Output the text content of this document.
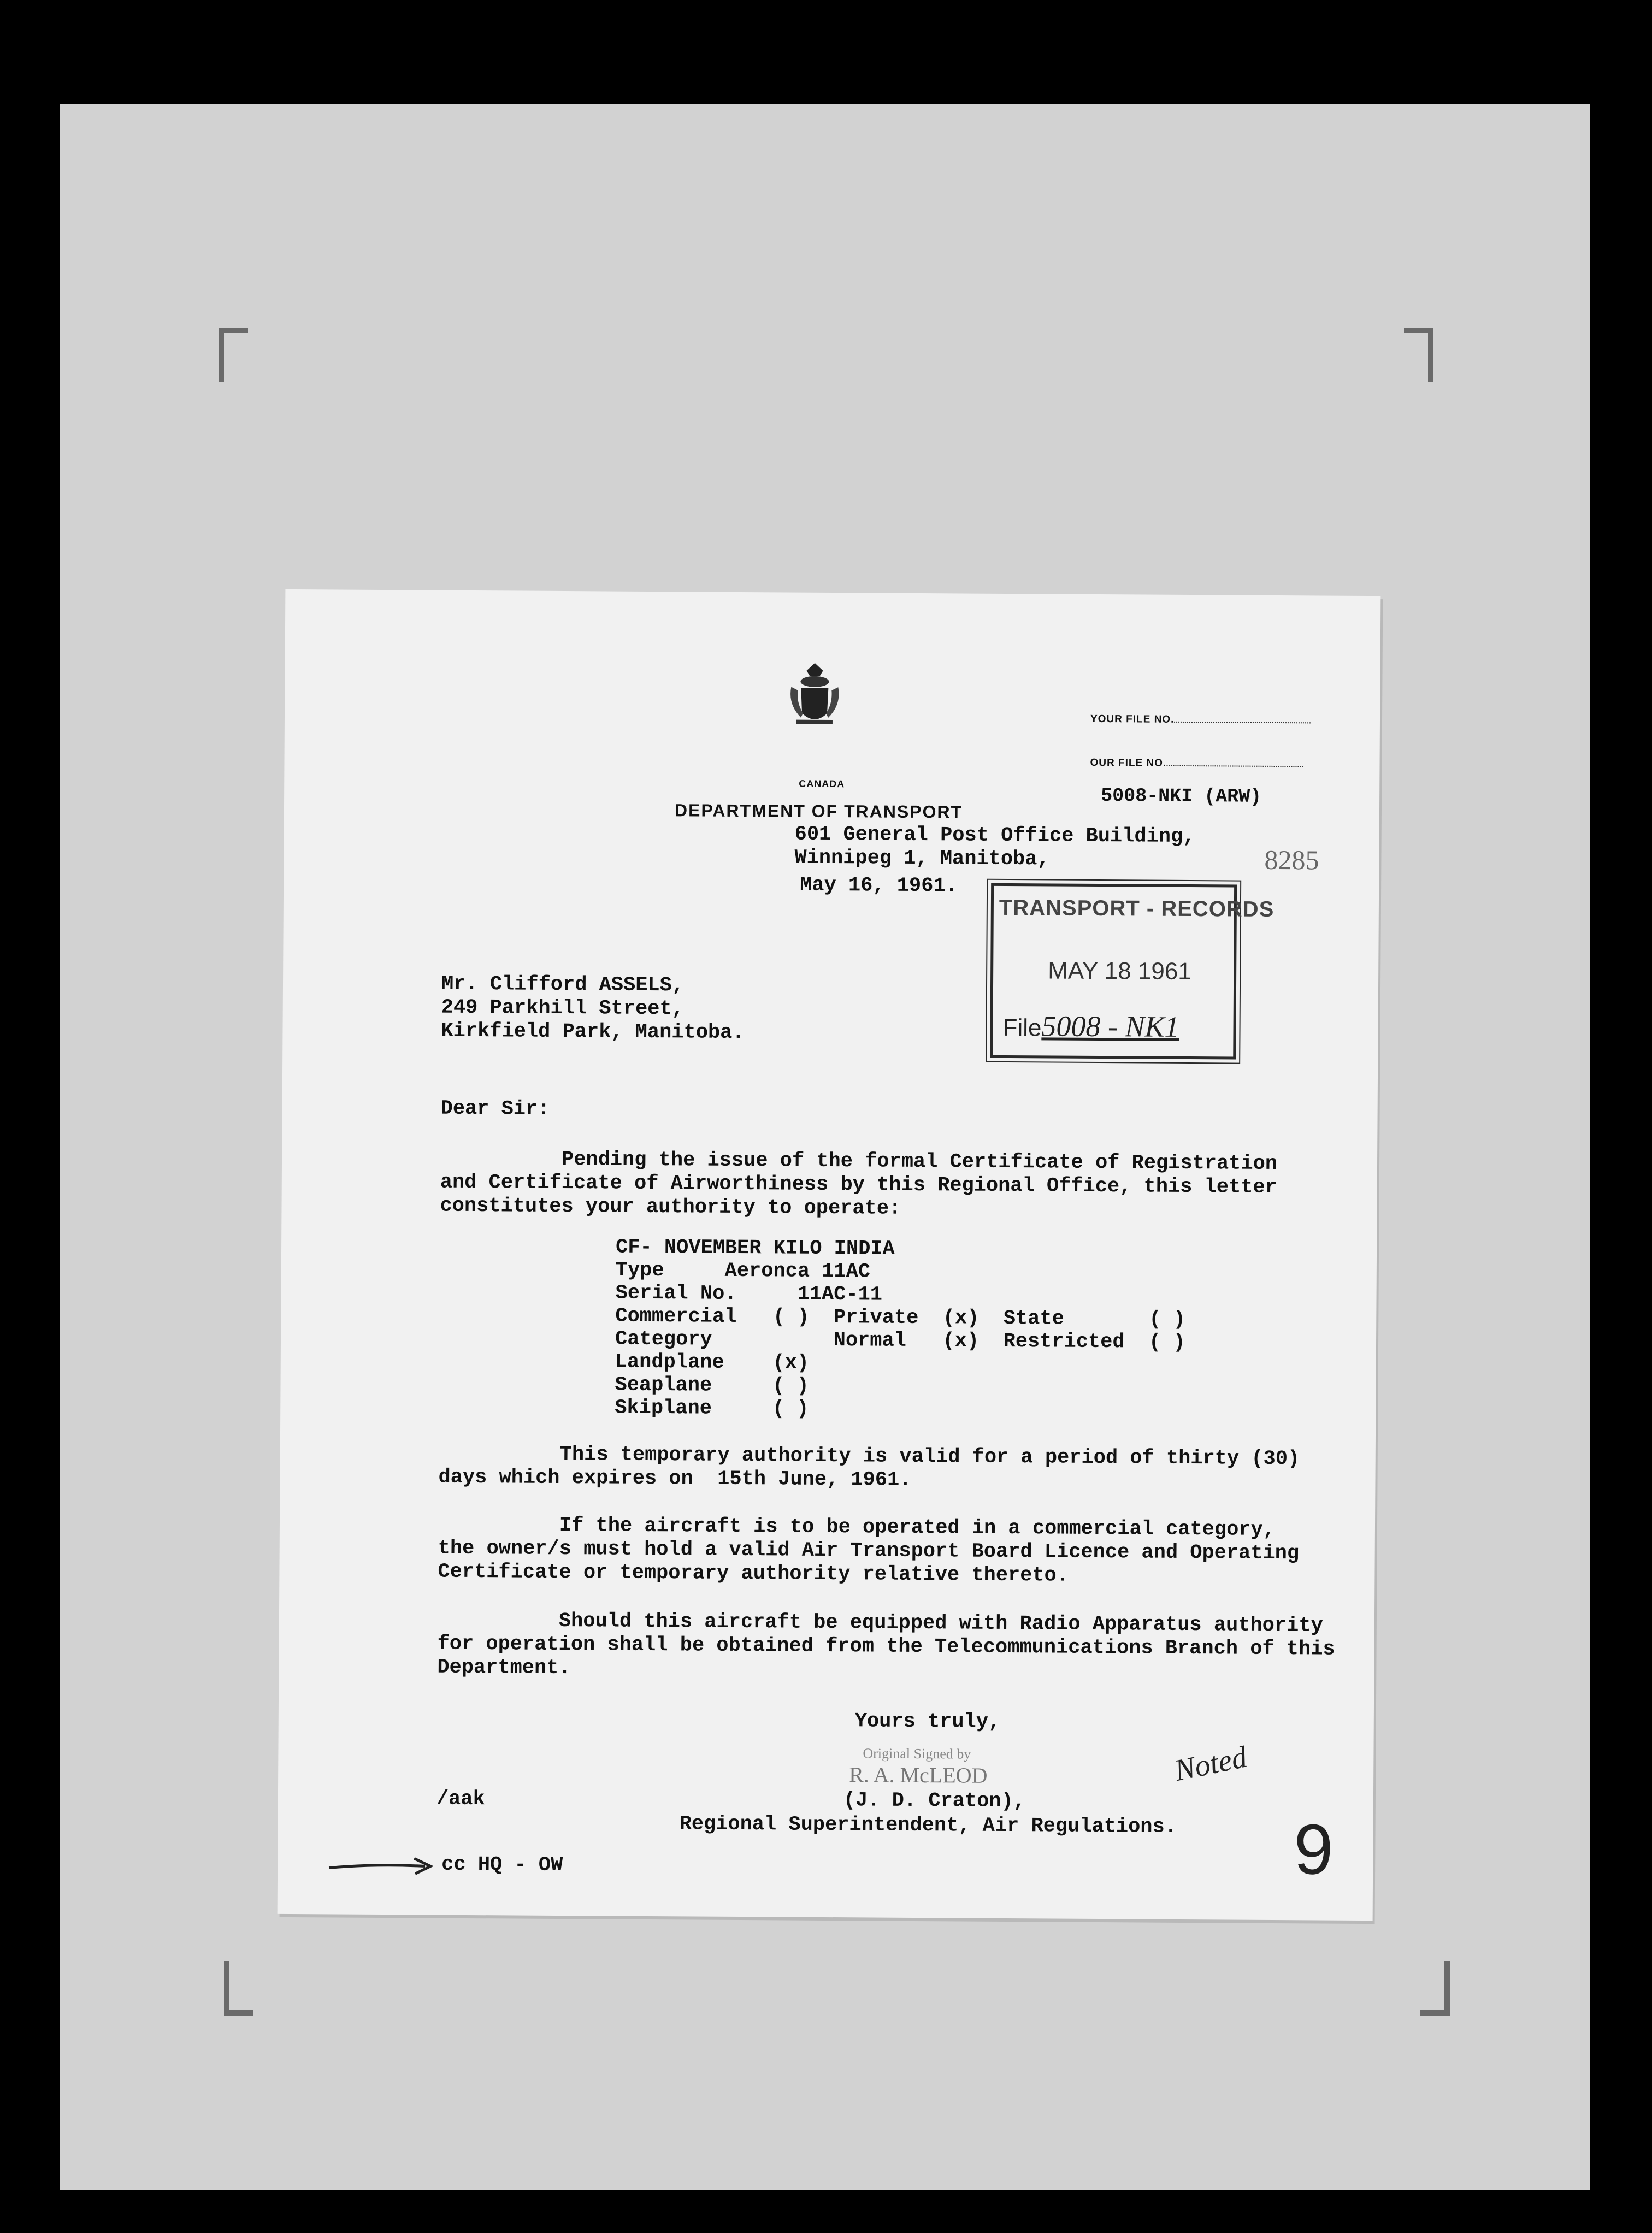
YOUR FILE NO.
OUR FILE NO.
5008-NKI (ARW)
8285
CANADA
DEPARTMENT OF TRANSPORT
601 General Post Office Building,
Winnipeg 1, Manitoba,
May 16, 1961.
TRANSPORT - RECORDS
MAY 18 1961
File5008 - NK1
Mr. Clifford ASSELS,
249 Parkhill Street,
Kirkfield Park, Manitoba.
Dear Sir:
Pending the issue of the formal Certificate of Registration
and Certificate of Airworthiness by this Regional Office, this letter
constitutes your authority to operate:
CF- NOVEMBER KILO INDIA
Type     Aeronca 11AC
Serial No.     11AC-11
Commercial   ( )  Private  (x)  State       ( )
Category          Normal   (x)  Restricted  ( )
Landplane    (x)
Seaplane     ( )
Skiplane     ( )
This temporary authority is valid for a period of thirty (30)
days which expires on  15th June, 1961.
If the aircraft is to be operated in a commercial category,
the owner/s must hold a valid Air Transport Board Licence and Operating
Certificate or temporary authority relative thereto.
Should this aircraft be equipped with Radio Apparatus authority
for operation shall be obtained from the Telecommunications Branch of this
Department.
Yours truly,
Original Signed by
R. A. McLEOD
(J. D. Craton),
Regional Superintendent, Air Regulations.
/aak
Noted
9
cc HQ - OW
